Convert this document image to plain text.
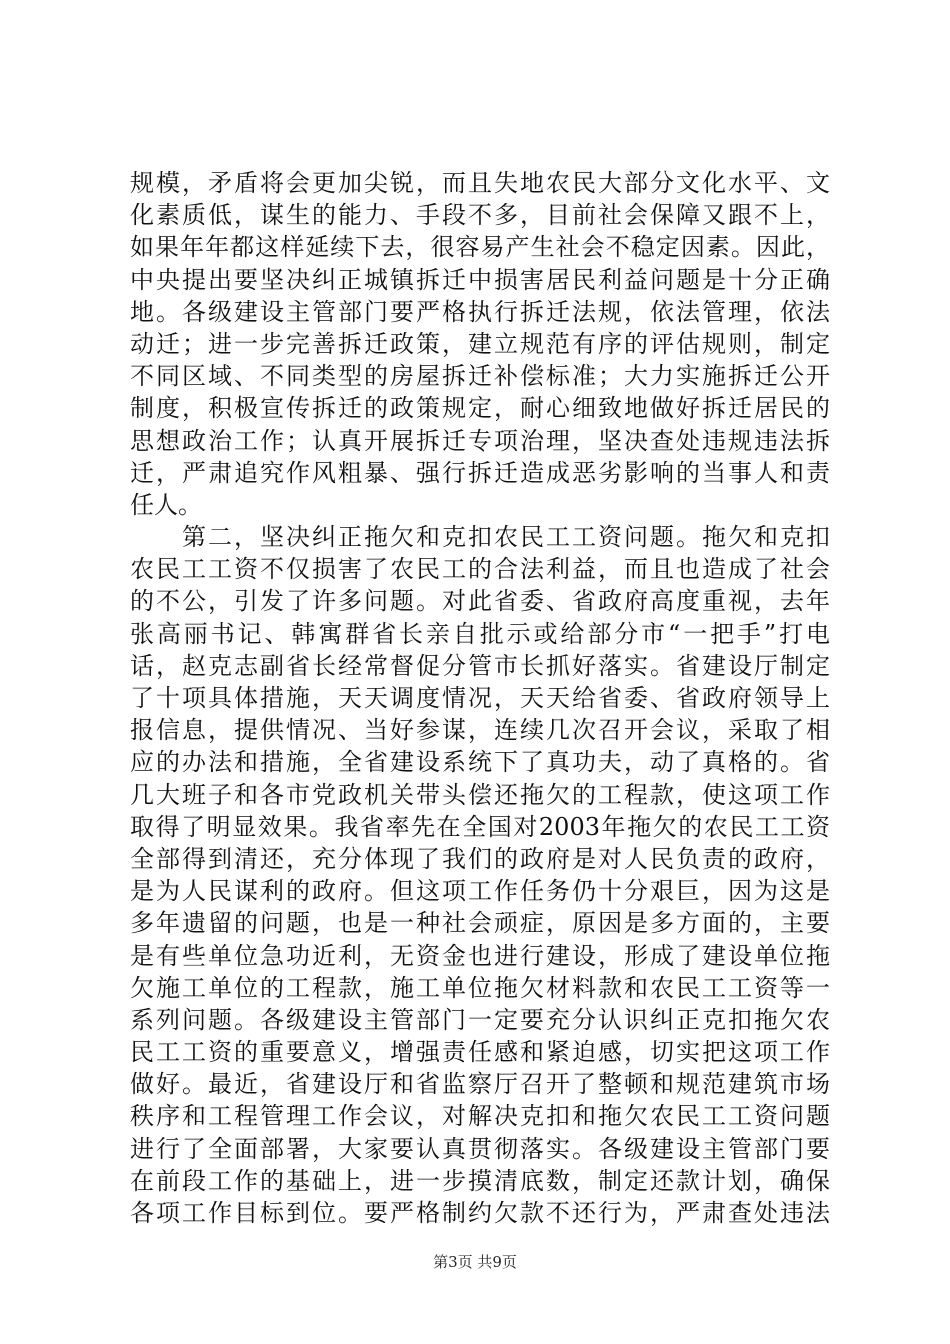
规模，矛盾将会更加尖锐，而且失地农民大部分文化水平、文
化素质低，谋生的能力、手段不多，目前社会保障又跟不上，
如果年年都这样延续下去，很容易产生社会不稳定因素。因此，
中央提出要坚决纠正城镇拆迁中损害居民利益问题是十分正确
地。各级建设主管部门要严格执行拆迁法规，依法管理，依法
动迁；进一步完善拆迁政策，建立规范有序的评估规则，制定
不同区域、不同类型的房屋拆迁补偿标准；大力实施拆迁公开
制度，积极宣传拆迁的政策规定，耐心细致地做好拆迁居民的
思想政治工作；认真开展拆迁专项治理，坚决查处违规违法拆
迁，严肃追究作风粗暴、强行拆迁造成恶劣影响的当事人和责
任人。
　　第二，坚决纠正拖欠和克扣农民工工资问题。拖欠和克扣
农民工工资不仅损害了农民工的合法利益，而且也造成了社会
的不公，引发了许多问题。对此省委、省政府高度重视，去年
张高丽书记、韩寓群省长亲自批示或给部分市“一把手”打电
话，赵克志副省长经常督促分管市长抓好落实。省建设厅制定
了十项具体措施，天天调度情况，天天给省委、省政府领导上
报信息，提供情况、当好参谋，连续几次召开会议，采取了相
应的办法和措施，全省建设系统下了真功夫，动了真格的。省
几大班子和各市党政机关带头偿还拖欠的工程款，使这项工作
取得了明显效果。我省率先在全国对2003年拖欠的农民工工资
全部得到清还，充分体现了我们的政府是对人民负责的政府，
是为人民谋利的政府。但这项工作任务仍十分艰巨，因为这是
多年遗留的问题，也是一种社会顽症，原因是多方面的，主要
是有些单位急功近利，无资金也进行建设，形成了建设单位拖
欠施工单位的工程款，施工单位拖欠材料款和农民工工资等一
系列问题。各级建设主管部门一定要充分认识纠正克扣拖欠农
民工工资的重要意义，增强责任感和紧迫感，切实把这项工作
做好。最近，省建设厅和省监察厅召开了整顿和规范建筑市场
秩序和工程管理工作会议，对解决克扣和拖欠农民工工资问题
进行了全面部署，大家要认真贯彻落实。各级建设主管部门要
在前段工作的基础上，进一步摸清底数，制定还款计划，确保
各项工作目标到位。要严格制约欠款不还行为，严肃查处违法
第3页 共9页
